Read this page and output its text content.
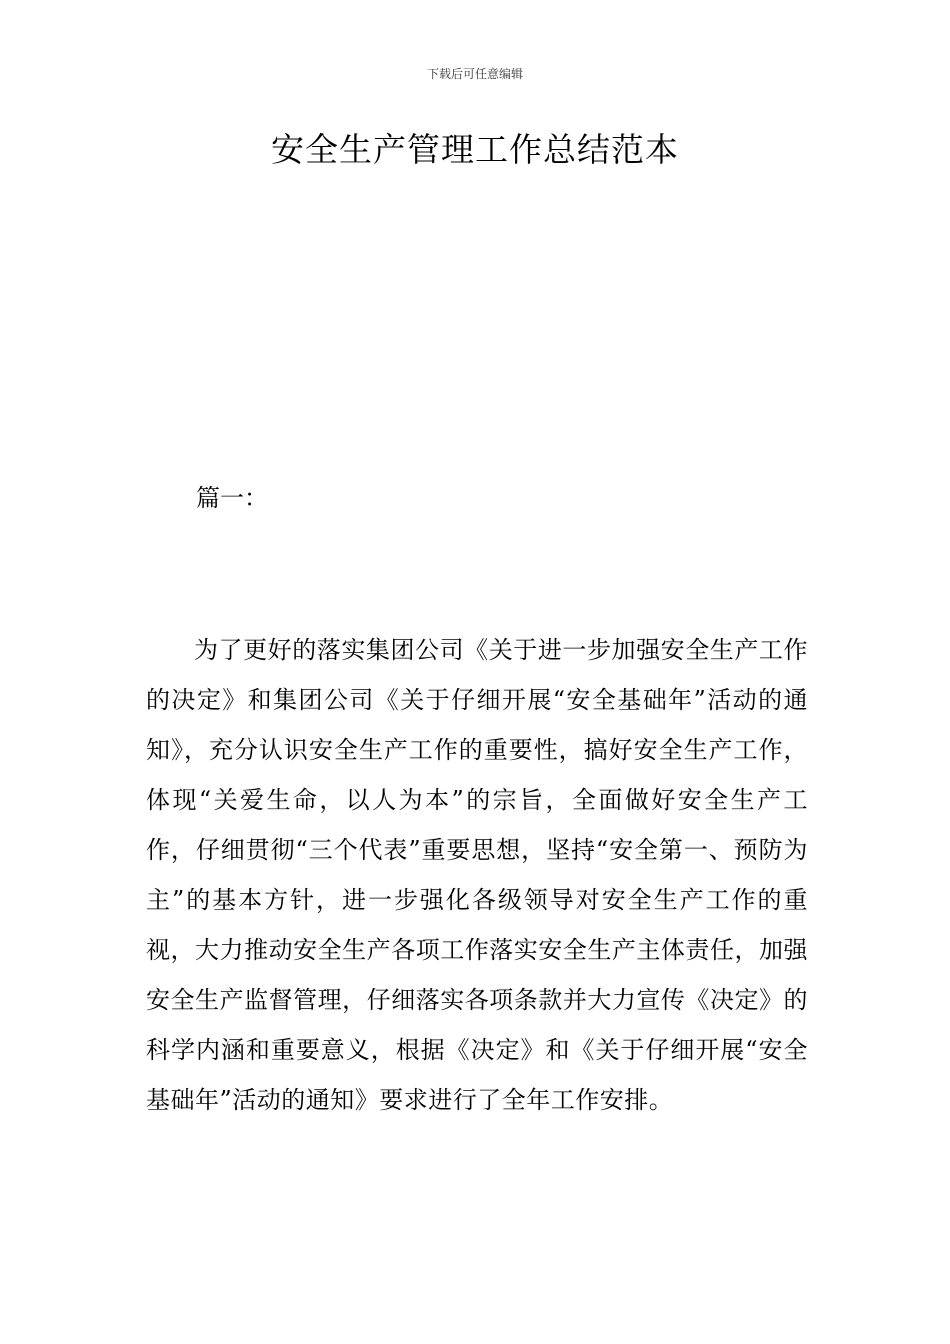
下载后可任意编辑
安全生产管理工作总结范本
篇一：

为了更好的落实集团公司《关于进一步加强安全生产工作的决定》和集团公司《关于仔细开展“安全基础年”活动的通知》，充分认识安全生产工作的重要性，搞好安全生产工作，体现“关爱生命，以人为本”的宗旨，全面做好安全生产工作，仔细贯彻“三个代表”重要思想，坚持“安全第一、预防为主”的基本方针，进一步强化各级领导对安全生产工作的重视，大力推动安全生产各项工作落实安全生产主体责任，加强安全生产监督管理，仔细落实各项条款并大力宣传《决定》的科学内涵和重要意义，根据《决定》和《关于仔细开展“安全基础年”活动的通知》要求进行了全年工作安排。
